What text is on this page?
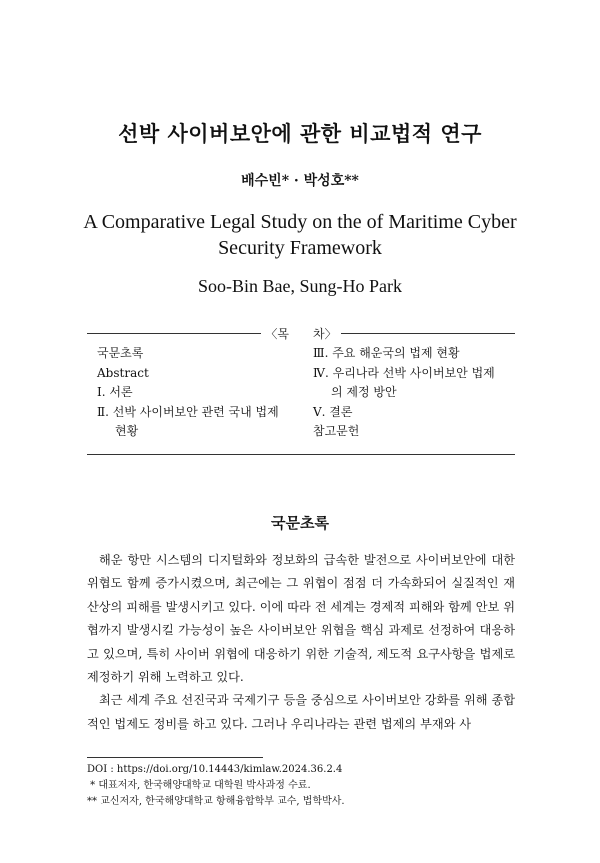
선박 사이버보안에 관한 비교법적 연구
배수빈* · 박성호**
A Comparative Legal Study on the of Maritime Cyber Security Framework
Soo-Bin Bae, Sung-Ho Park
〈목　　차〉
국문초록
Abstract
Ⅰ. 서론
Ⅱ. 선박 사이버보안 관련 국내 법제
현황
Ⅲ. 주요 해운국의 법제 현황
Ⅳ. 우리나라 선박 사이버보안 법제
의 제정 방안
Ⅴ. 결론
참고문헌
국문초록

해운 항만 시스템의 디지털화와 정보화의 급속한 발전으로 사이버보안에 대한 위협도 함께 증가시켰으며, 최근에는 그 위협이 점점 더 가속화되어 실질적인 재산상의 피해를 발생시키고 있다. 이에 따라 전 세계는 경제적 피해와 함께 안보 위협까지 발생시킬 가능성이 높은 사이버보안 위협을 핵심 과제로 선정하여 대응하고 있으며, 특히 사이버 위협에 대응하기 위한 기술적, 제도적 요구사항을 법제로 제정하기 위해 노력하고 있다.

최근 세계 주요 선진국과 국제기구 등을 중심으로 사이버보안 강화를 위해 종합적인 법제도 정비를 하고 있다. 그러나 우리나라는 관련 법제의 부재와 사

DOI : https://doi.org/10.14443/kimlaw.2024.36.2.4
* 대표저자, 한국해양대학교 대학원 박사과정 수료.
** 교신저자, 한국해양대학교 항해융합학부 교수, 법학박사.
